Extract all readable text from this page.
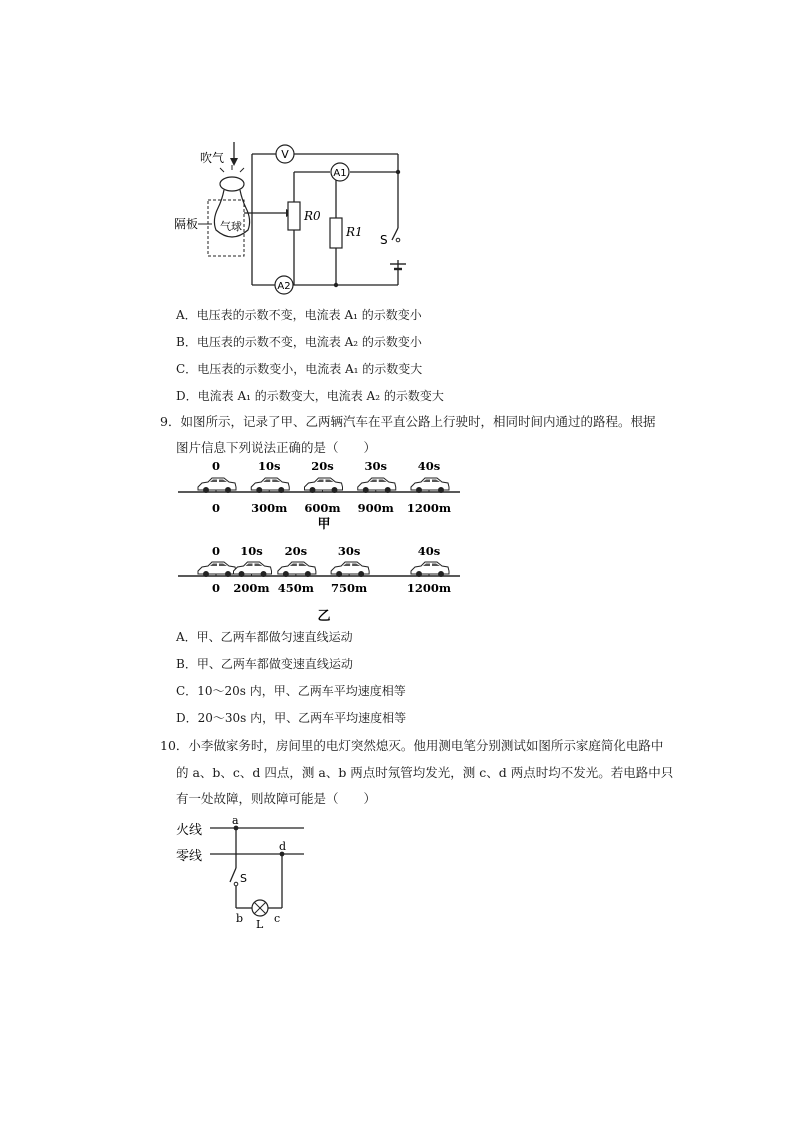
吹气
隔板 气球
R0
R1
S
V
A1
A2
A．电压表的示数不变，电流表 A₁ 的示数变小
B．电压表的示数不变，电流表 A₂ 的示数变小
C．电压表的示数变小，电流表 A₁ 的示数变大
D．电流表 A₁ 的示数变大，电流表 A₂ 的示数变大
9．如图所示，记录了甲、乙两辆汽车在平直公路上行驶时，相同时间内通过的路程。根据
图片信息下列说法正确的是（　　）
0
0
300m
10s
600m
20s
900m
30s
1200m
40s
甲
0
0
200m
10s
450m
20s
750m
30s
1200m
40s
乙
A．甲、乙两车都做匀速直线运动
B．甲、乙两车都做变速直线运动
C．10～20s 内，甲、乙两车平均速度相等
D．20～30s 内，甲、乙两车平均速度相等
10．小李做家务时，房间里的电灯突然熄灭。他用测电笔分别测试如图所示家庭简化电路中
的 a、b、c、d 四点，测 a、b 两点时氖管均发光，测 c、d 两点时均不发光。若电路中只
有一处故障，则故障可能是（　　）
火线
零线
a
d
S
L
b	c
